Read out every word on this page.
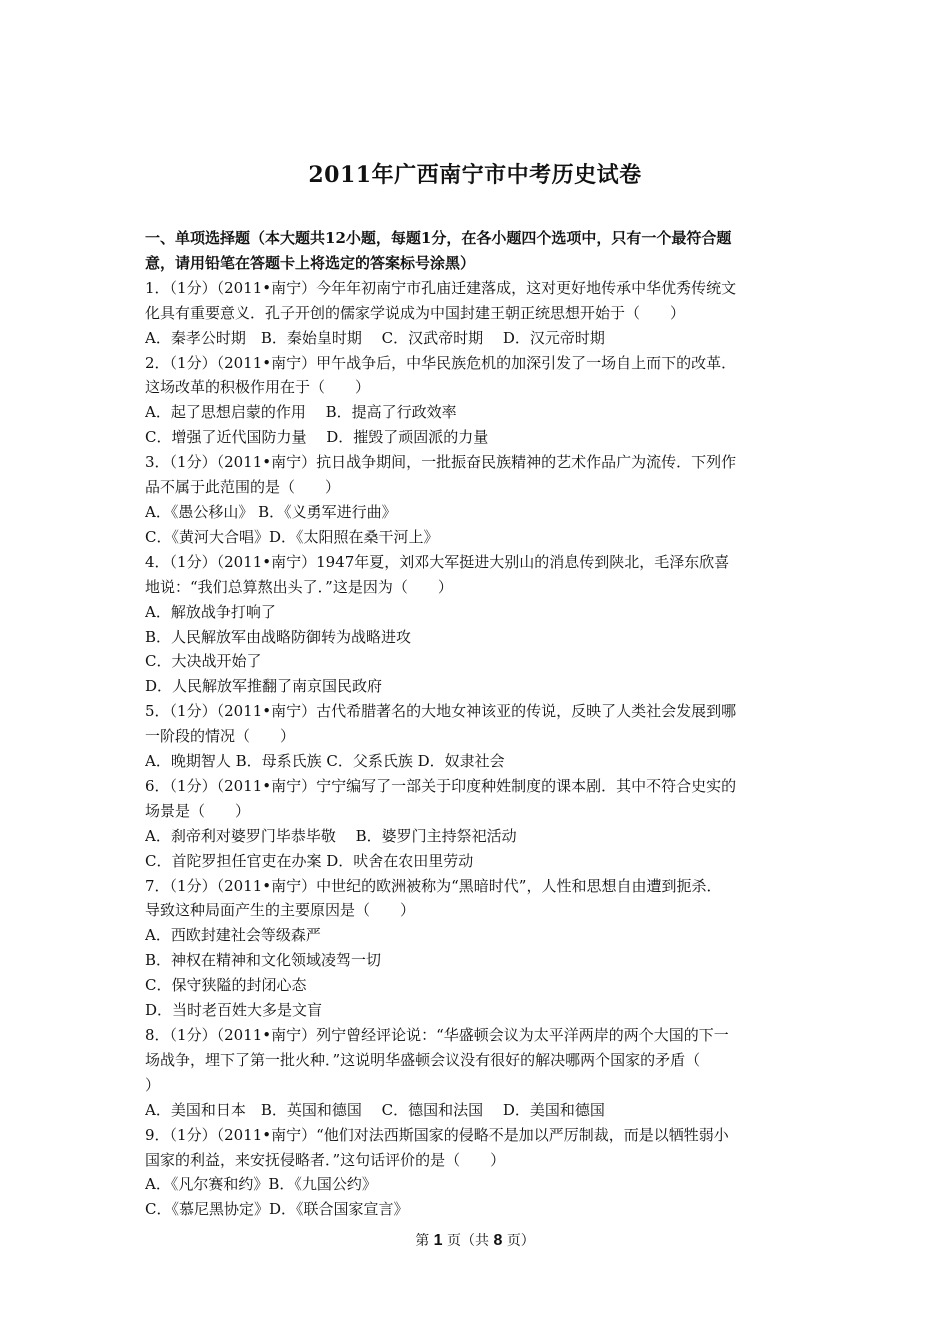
2011年广西南宁市中考历史试卷
一、单项选择题（本大题共12小题，每题1分，在各小题四个选项中，只有一个最符合题
意，请用铅笔在答题卡上将选定的答案标号涂黑）
1．（1分）（2011•南宁）今年年初南宁市孔庙迁建落成，这对更好地传承中华优秀传统文
化具有重要意义．孔子开创的儒家学说成为中国封建王朝正统思想开始于（　　）
A．秦孝公时期　B．秦始皇时期　 C．汉武帝时期　 D．汉元帝时期
2．（1分）（2011•南宁）甲午战争后，中华民族危机的加深引发了一场自上而下的改革．
这场改革的积极作用在于（　　）
A．起了思想启蒙的作用　 B．提高了行政效率
C．增强了近代国防力量　 D．摧毁了顽固派的力量
3．（1分）（2011•南宁）抗日战争期间，一批振奋民族精神的艺术作品广为流传．下列作
品不属于此范围的是（　　）
A．《愚公移山》 B．《义勇军进行曲》
C．《黄河大合唱》D．《太阳照在桑干河上》
4．（1分）（2011•南宁）1947年夏，刘邓大军挺进大别山的消息传到陕北，毛泽东欣喜
地说：“我们总算熬出头了．”这是因为（　　）
A．解放战争打响了
B．人民解放军由战略防御转为战略进攻
C．大决战开始了
D．人民解放军推翻了南京国民政府
5．（1分）（2011•南宁）古代希腊著名的大地女神该亚的传说，反映了人类社会发展到哪
一阶段的情况（　　）
A．晚期智人 B．母系氏族 C．父系氏族 D．奴隶社会
6．（1分）（2011•南宁）宁宁编写了一部关于印度种姓制度的课本剧．其中不符合史实的
场景是（　　）
A．刹帝利对婆罗门毕恭毕敬　 B．婆罗门主持祭祀活动
C．首陀罗担任官吏在办案 D．吠舍在农田里劳动
7．（1分）（2011•南宁）中世纪的欧洲被称为“黑暗时代”，人性和思想自由遭到扼杀．
导致这种局面产生的主要原因是（　　）
A．西欧封建社会等级森严
B．神权在精神和文化领域凌驾一切
C．保守狭隘的封闭心态
D．当时老百姓大多是文盲
8．（1分）（2011•南宁）列宁曾经评论说：“华盛顿会议为太平洋两岸的两个大国的下一
场战争，埋下了第一批火种．”这说明华盛顿会议没有很好的解决哪两个国家的矛盾（
）
A．美国和日本　B．英国和德国　 C．德国和法国　 D．美国和德国
9．（1分）（2011•南宁）“他们对法西斯国家的侵略不是加以严厉制裁，而是以牺牲弱小
国家的利益，来安抚侵略者．”这句话评价的是（　　）
A．《凡尔赛和约》B．《九国公约》
C．《慕尼黑协定》D．《联合国家宣言》
第 1 页（共 8 页）
